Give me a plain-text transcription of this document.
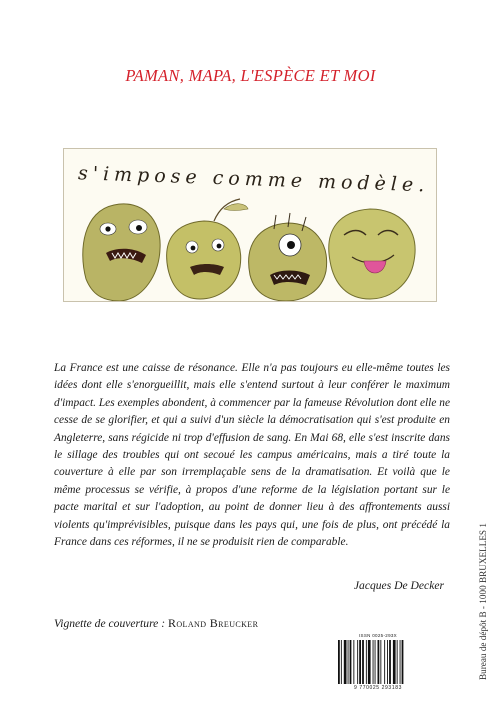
PAMAN, MAPA, L'ESPÈCE ET MOI
s'impose comme modèle.

La France est une caisse de résonance. Elle n'a pas toujours eu elle-même toutes les idées dont elle s'enorgueillit, mais elle s'entend surtout à leur conférer le maximum d'impact. Les exemples abondent, à commencer par la fameuse Révolution dont elle ne cesse de se glorifier, et qui a suivi d'un siècle la démocratisation qui s'est produite en Angleterre, sans régicide ni trop d'effusion de sang. En Mai 68, elle s'est inscrite dans le sillage des troubles qui ont secoué les campus américains, mais a tiré toute la couverture à elle par son irremplaçable sens de la dramatisation. Et voilà que le même processus se vérifie, à propos d'une reforme de la législation portant sur le pacte marital et sur l'adoption, au point de donner lieu à des affrontements aussi violents qu'imprévisibles, puisque dans les pays qui, une fois de plus, ont précédé la France dans ces réformes, il ne se produisit rien de comparable.

Jacques De Decker
Vignette de couverture : Roland Breucker
ISSN 0025-293X
9 770025 293183
Bureau de dépôt B - 1000 BRUXELLES 1
